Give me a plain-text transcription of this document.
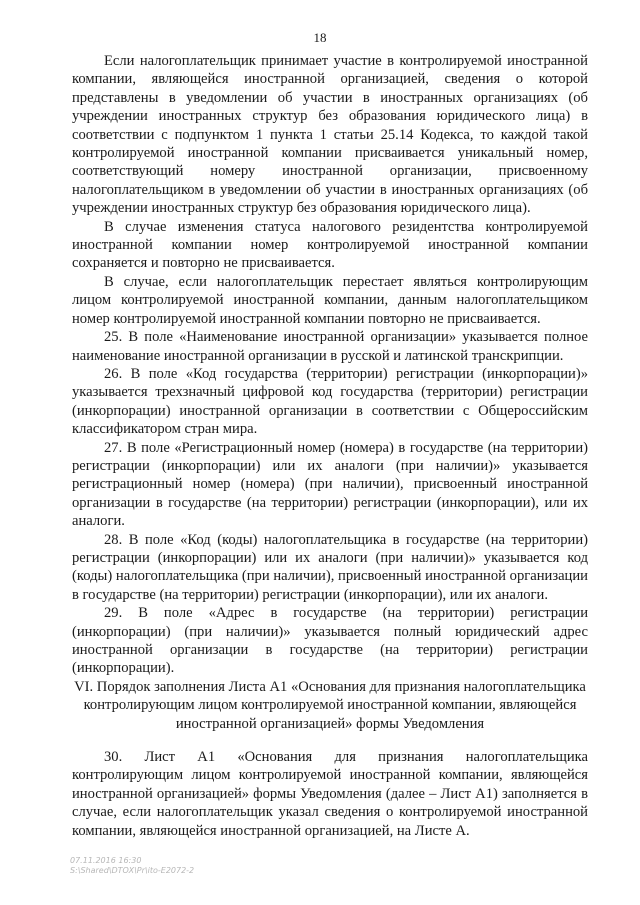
18

Если налогоплательщик принимает участие в контролируемой иностранной компании, являющейся иностранной организацией, сведения о которой представлены в уведомлении об участии в иностранных организациях (об учреждении иностранных структур без образования юридического лица) в соответствии с подпунктом 1 пункта 1 статьи 25.14 Кодекса, то каждой такой контролируемой иностранной компании присваивается уникальный номер, соответствующий номеру иностранной организации, присвоенному налогоплательщиком в уведомлении об участии в иностранных организациях (об учреждении иностранных структур без образования юридического лица).

В случае изменения статуса налогового резидентства контролируемой иностранной компании номер контролируемой иностранной компании сохраняется и повторно не присваивается.

В случае, если налогоплательщик перестает являться контролирующим лицом контролируемой иностранной компании, данным налогоплательщиком номер контролируемой иностранной компании повторно не присваивается.

25. В поле «Наименование иностранной организации» указывается полное наименование иностранной организации в русской и латинской транскрипции.

26. В поле «Код государства (территории) регистрации (инкорпорации)» указывается трехзначный цифровой код государства (территории) регистрации (инкорпорации) иностранной организации в соответствии с Общероссийским классификатором стран мира.

27. В поле «Регистрационный номер (номера) в государстве (на территории) регистрации (инкорпорации) или их аналоги (при наличии)» указывается регистрационный номер (номера) (при наличии), присвоенный иностранной организации в государстве (на территории) регистрации (инкорпорации), или их аналоги.

28. В поле «Код (коды) налогоплательщика в государстве (на территории) регистрации (инкорпорации) или их аналоги (при наличии)» указывается код (коды) налогоплательщика (при наличии), присвоенный иностранной организации в государстве (на территории) регистрации (инкорпорации), или их аналоги.

29. В поле «Адрес в государстве (на территории) регистрации (инкорпорации) (при наличии)» указывается полный юридический адрес иностранной организации в государстве (на территории) регистрации (инкорпорации).

VI. Порядок заполнения Листа А1 «Основания для признания налогоплательщика контролирующим лицом контролируемой иностранной компании, являющейся иностранной организацией» формы Уведомления

30. Лист А1 «Основания для признания налогоплательщика контролирующим лицом контролируемой иностранной компании, являющейся иностранной организацией» формы Уведомления (далее – Лист А1) заполняется в случае, если налогоплательщик указал сведения о контролируемой иностранной компании, являющейся иностранной организацией, на Листе А.

07.11.2016 16:30
S:\Shared\DTOX\Pr\ito-E2072-2
